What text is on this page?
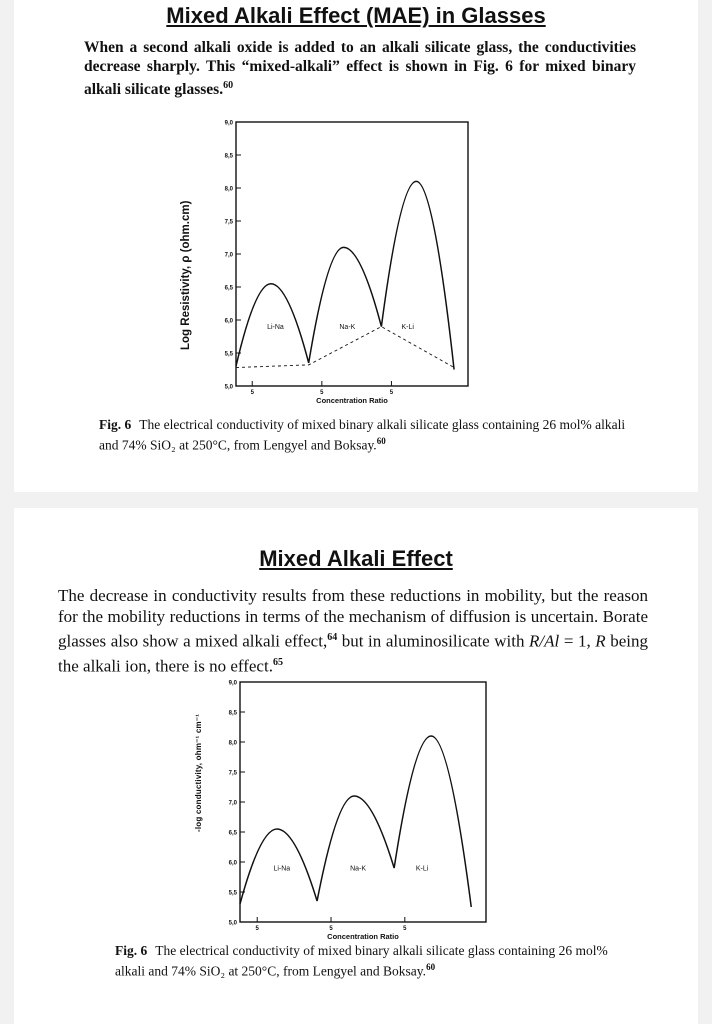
Mixed Alkali Effect (MAE) in Glasses
When a second alkali oxide is added to an alkali silicate glass, the conductivities decrease sharply. This “mixed-alkali” effect is shown in Fig. 6 for mixed binary alkali silicate glasses.$^{60}$
5,0
5,5
6,0
6,5
7,0
7,5
8,0
8,5
9,0
5	5	5
Concentration Ratio
Li-Na	Na-K	K-Li
Log Resistivity, ρ (ohm.cm)
Fig. 6 The electrical conductivity of mixed binary alkali silicate glass containing 26 mol% alkali and 74% SiO₂ at 250°C, from Lengyel and Boksay.$^{60}$
Mixed Alkali Effect
The decrease in conductivity results from these reductions in mobility, but the reason for the mobility reductions in terms of the mechanism of diffusion is uncertain. Borate glasses also show a mixed alkali effect,$^{64}$ but in aluminosilicate with R/Al = 1, R being the alkali ion, there is no effect.$^{65}$
Fig. 6 The electrical conductivity of mixed binary alkali silicate glass containing 26 mol% alkali and 74% SiO₂ at 250°C, from Lengyel and Boksay.$^{60}$
5,0
5,5
6,0
6,5
7,0
7,5
8,0
8,5
9,0
5	5	5
Concentration Ratio
Li-Na	Na-K	K-Li
-log conductivity, ohm⁻¹ cm⁻¹
